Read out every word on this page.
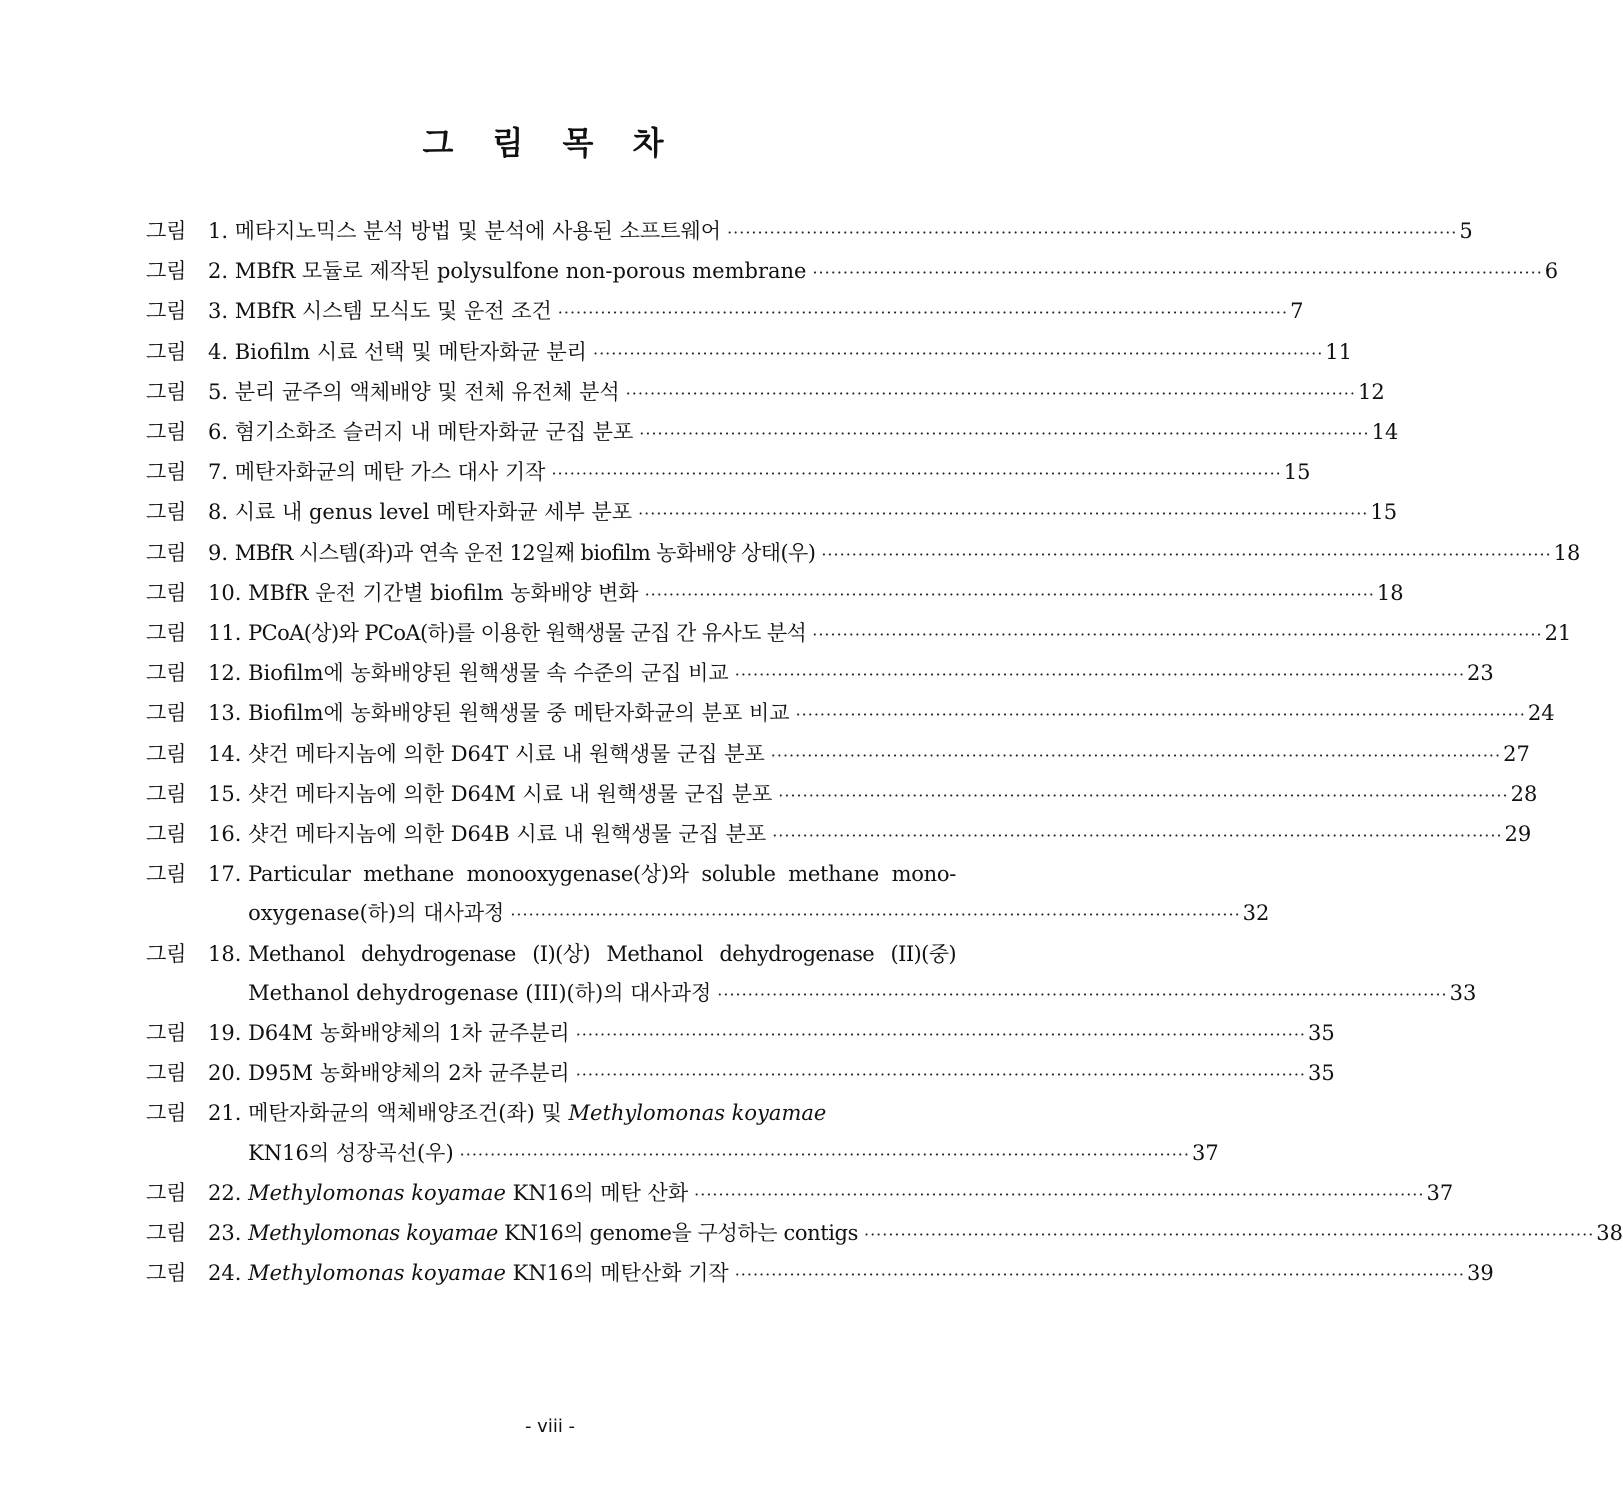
그 림 목 차
그림 1. 메타지노믹스 분석 방법 및 분석에 사용된 소프트웨어 ························································································································ 5
그림 2. MBfR 모듈로 제작된 polysulfone non-porous membrane ························································································································ 6
그림 3. MBfR 시스템 모식도 및 운전 조건 ························································································································ 7
그림 4. Biofilm 시료 선택 및 메탄자화균 분리 ························································································································ 11
그림 5. 분리 균주의 액체배양 및 전체 유전체 분석 ························································································································ 12
그림 6. 혐기소화조 슬러지 내 메탄자화균 군집 분포 ························································································································ 14
그림 7. 메탄자화균의 메탄 가스 대사 기작 ························································································································ 15
그림 8. 시료 내 genus level 메탄자화균 세부 분포 ························································································································ 15
그림 9. MBfR 시스템(좌)과 연속 운전 12일째 biofilm 농화배양 상태(우) ························································································································ 18
그림 10. MBfR 운전 기간별 biofilm 농화배양 변화 ························································································································ 18
그림 11. PCoA(상)와 PCoA(하)를 이용한 원핵생물 군집 간 유사도 분석 ························································································································ 21
그림 12. Biofilm에 농화배양된 원핵생물 속 수준의 군집 비교 ························································································································ 23
그림 13. Biofilm에 농화배양된 원핵생물 중 메탄자화균의 분포 비교 ························································································································ 24
그림 14. 샷건 메타지놈에 의한 D64T 시료 내 원핵생물 군집 분포 ························································································································ 27
그림 15. 샷건 메타지놈에 의한 D64M 시료 내 원핵생물 군집 분포 ························································································································ 28
그림 16. 샷건 메타지놈에 의한 D64B 시료 내 원핵생물 군집 분포 ························································································································ 29
그림 17. Particular methane monooxygenase(상)와 soluble methane mono-
oxygenase(하)의 대사과정 ························································································································ 32
그림 18. Methanol dehydrogenase (I)(상) Methanol dehydrogenase (II)(중)
Methanol dehydrogenase (III)(하)의 대사과정 ························································································································ 33
그림 19. D64M 농화배양체의 1차 균주분리 ························································································································ 35
그림 20. D95M 농화배양체의 2차 균주분리 ························································································································ 35
그림 21. 메탄자화균의 액체배양조건(좌) 및 Methylomonas koyamae
KN16의 성장곡선(우) ························································································································ 37
그림 22. Methylomonas koyamae KN16의 메탄 산화 ························································································································ 37
그림 23. Methylomonas koyamae KN16의 genome을 구성하는 contigs ························································································································ 38
그림 24. Methylomonas koyamae KN16의 메탄산화 기작 ························································································································ 39
- viii -
